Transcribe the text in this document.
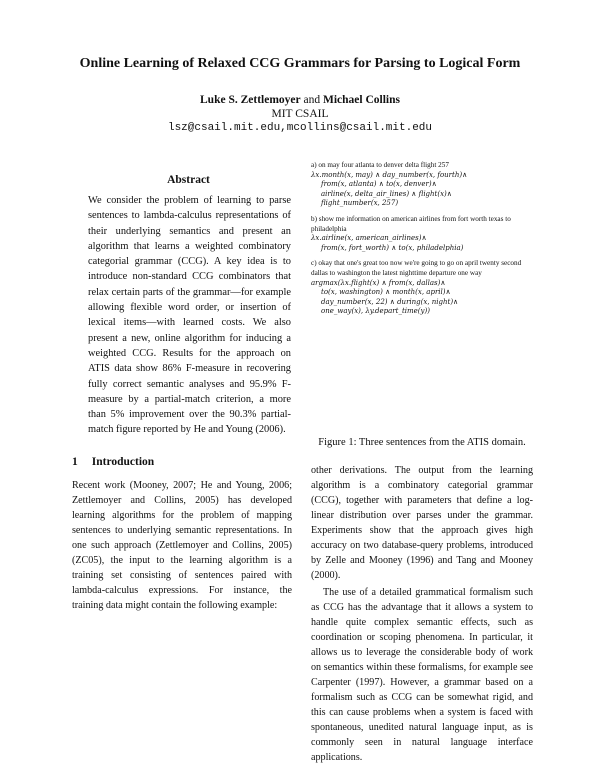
Online Learning of Relaxed CCG Grammars for Parsing to Logical Form
Luke S. Zettlemoyer and Michael Collins
MIT CSAIL
lsz@csail.mit.edu,mcollins@csail.mit.edu
Abstract
We consider the problem of learning to parse sentences to lambda-calculus representations of their underlying semantics and present an algorithm that learns a weighted combinatory categorial grammar (CCG). A key idea is to introduce non-standard CCG combinators that relax certain parts of the grammar—for example allowing flexible word order, or insertion of lexical items—with learned costs. We also present a new, online algorithm for inducing a weighted CCG. Results for the approach on ATIS data show 86% F-measure in recovering fully correct semantic analyses and 95.9% F-measure by a partial-match criterion, a more than 5% improvement over the 90.3% partial-match figure reported by He and Young (2006).
1 Introduction
Recent work (Mooney, 2007; He and Young, 2006; Zettlemoyer and Collins, 2005) has developed learning algorithms for the problem of mapping sentences to underlying semantic representations. In one such approach (Zettlemoyer and Collins, 2005) (ZC05), the input to the learning algorithm is a training set consisting of sentences paired with lambda-calculus expressions. For instance, the training data might contain the following example:
a) on may four atlanta to denver delta flight 257
λx.month(x, may) ∧ day_number(x, fourth)∧
from(x, atlanta) ∧ to(x, denver)∧
airline(x, delta_air_lines) ∧ flight(x)∧
flight_number(x, 257)
b) show me information on american airlines from fort worth texas to philadelphia
λx.airline(x, american_airlines)∧
from(x, fort_worth) ∧ to(x, philadelphia)
c) okay that one's great too now we're going to go on april twenty second dallas to washington the latest nighttime departure one way
argmax(λx.flight(x) ∧ from(x, dallas)∧
to(x, washington) ∧ month(x, april)∧
day_number(x, 22) ∧ during(x, night)∧
one_way(x), λy.depart_time(y))
Figure 1: Three sentences from the ATIS domain.

other derivations. The output from the learning algorithm is a combinatory categorial grammar (CCG), together with parameters that define a log-linear distribution over parses under the grammar. Experiments show that the approach gives high accuracy on two database-query problems, introduced by Zelle and Mooney (1996) and Tang and Mooney (2000).

The use of a detailed grammatical formalism such as CCG has the advantage that it allows a system to handle quite complex semantic effects, such as coordination or scoping phenomena. In particular, it allows us to leverage the considerable body of work on semantics within these formalisms, for example see Carpenter (1997). However, a grammar based on a formalism such as CCG can be somewhat rigid, and this can cause problems when a system is faced with spontaneous, unedited natural language input, as is commonly seen in natural language interface applications.
